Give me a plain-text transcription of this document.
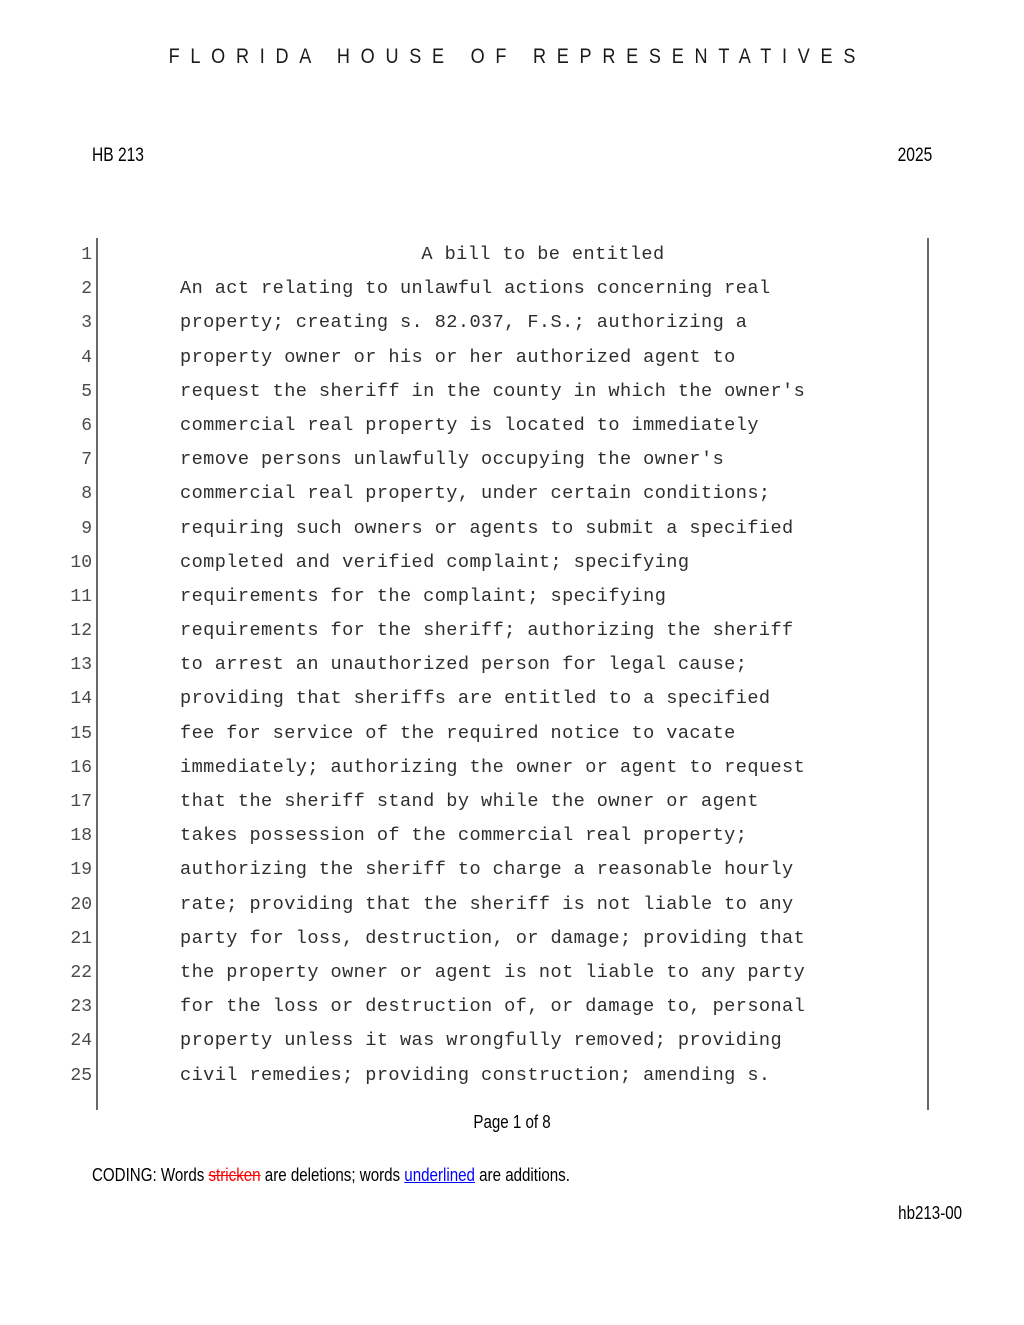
FLORIDA HOUSE OF REPRESENTATIVES
HB 213	2025
1	A bill to be entitled
2	An act relating to unlawful actions concerning real
3	property; creating s. 82.037, F.S.; authorizing a
4	property owner or his or her authorized agent to
5	request the sheriff in the county in which the owner's
6	commercial real property is located to immediately
7	remove persons unlawfully occupying the owner's
8	commercial real property, under certain conditions;
9	requiring such owners or agents to submit a specified
10	completed and verified complaint; specifying
11	requirements for the complaint; specifying
12	requirements for the sheriff; authorizing the sheriff
13	to arrest an unauthorized person for legal cause;
14	providing that sheriffs are entitled to a specified
15	fee for service of the required notice to vacate
16	immediately; authorizing the owner or agent to request
17	that the sheriff stand by while the owner or agent
18	takes possession of the commercial real property;
19	authorizing the sheriff to charge a reasonable hourly
20	rate; providing that the sheriff is not liable to any
21	party for loss, destruction, or damage; providing that
22	the property owner or agent is not liable to any party
23	for the loss or destruction of, or damage to, personal
24	property unless it was wrongfully removed; providing
25	civil remedies; providing construction; amending s.
Page 1 of 8
CODING: Words stricken are deletions; words underlined are additions.
hb213-00
